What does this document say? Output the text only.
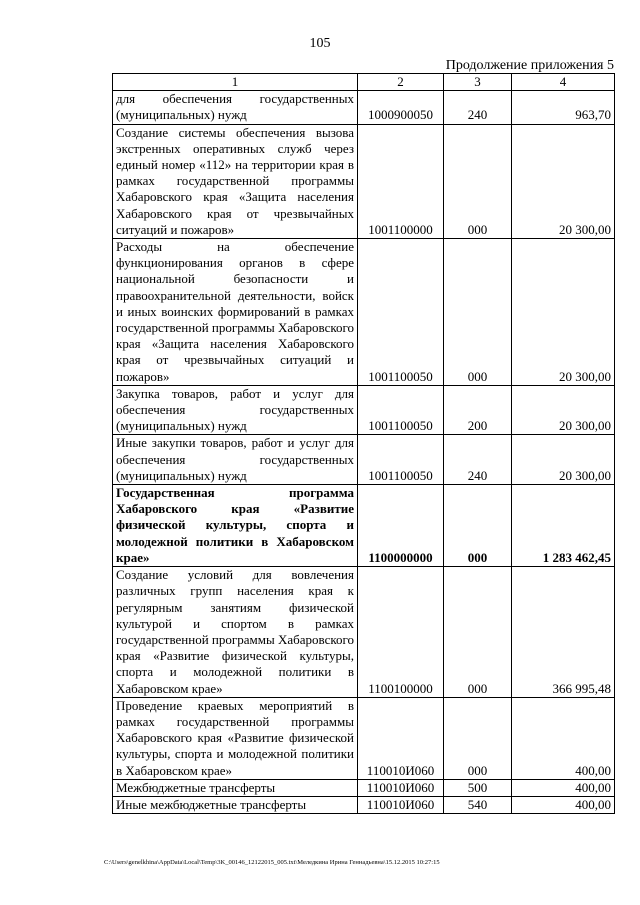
105
Продолжение приложения 5
1	2	3	4
для обеспечения государственных (муниципальных) нужд	1000900050	240	963,70
Создание системы обеспечения вызова экстренных оперативных служб через единый номер «112» на территории края в рамках государственной программы Хабаровского края «Защита населения Хабаровского края от чрезвычайных ситуаций и пожаров»	1001100000	000	20 300,00
Расходы на обеспечение функционирования органов в сфере национальной безопасности и правоохранительной деятельности, войск и иных воинских формирований в рамках государственной программы Хабаровского края «Защита населения Хабаровского края от чрезвычайных ситуаций и пожаров»	1001100050	000	20 300,00
Закупка товаров, работ и услуг для обеспечения государственных (муниципальных) нужд	1001100050	200	20 300,00
Иные закупки товаров, работ и услуг для обеспечения государственных (муниципальных) нужд	1001100050	240	20 300,00
Государственная программа Хабаровского края «Развитие физической культуры, спорта и молодежной политики в Хабаровском крае»	1100000000	000	1 283 462,45
Создание условий для вовлечения различных групп населения края к регулярным занятиям физической культурой и спортом в рамках государственной программы Хабаровского края «Развитие физической культуры, спорта и молодежной политики в Хабаровском крае»	1100100000	000	366 995,48
Проведение краевых мероприятий в рамках государственной программы Хабаровского края «Развитие физической культуры, спорта и молодежной политики в Хабаровском крае»	110010И060	000	400,00
Межбюджетные трансферты	110010И060	500	400,00
Иные межбюджетные трансферты	110010И060	540	400,00
C:\Users\genelkhina\AppData\Local\Temp\3K_00146_12122015_005.txt\Меледкина Ирина Геннадьевна\15.12.2015 10:27:15
